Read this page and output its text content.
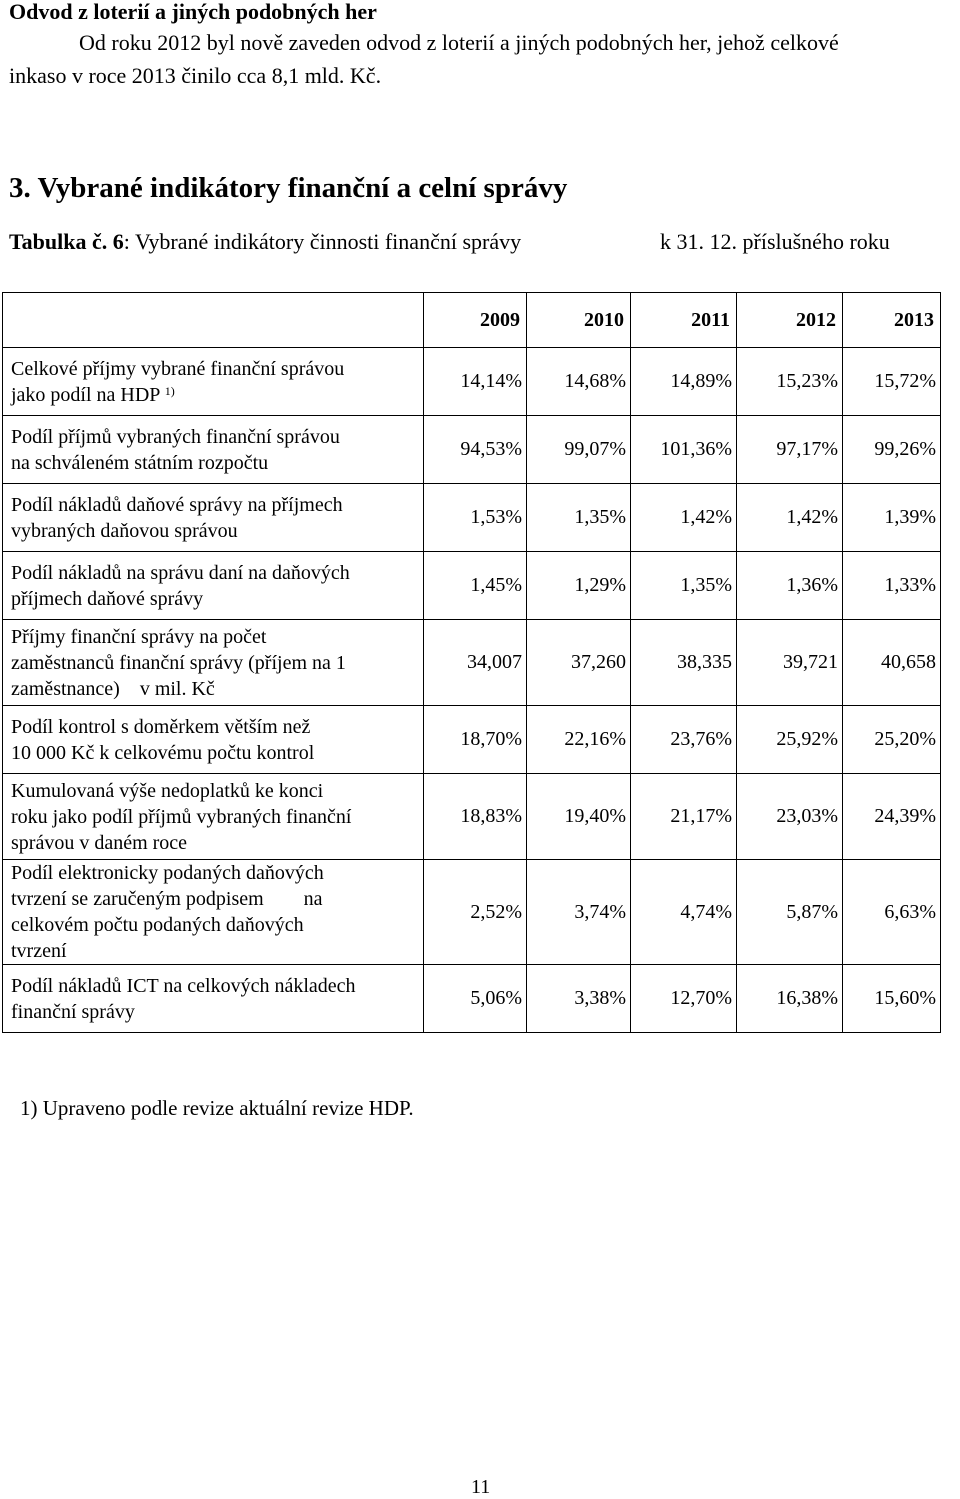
Odvod z loterií a jiných podobných her
Od roku 2012 byl nově zaveden odvod z loterií a jiných podobných her, jehož celkové
inkaso v roce 2013 činilo cca 8,1 mld. Kč.
3. Vybrané indikátory finanční a celní správy
Tabulka č. 6: Vybrané indikátory činnosti finanční správy	k 31. 12. příslušného roku
	2009	2010	2011	2012	2013
Celkové příjmy vybrané finanční správou
jako podíl na HDP $^{1)}$	14,14%	14,68%	14,89%	15,23%	15,72%
Podíl příjmů vybraných finanční správou
na schváleném státním rozpočtu	94,53%	99,07%	101,36%	97,17%	99,26%
Podíl nákladů daňové správy na příjmech
vybraných daňovou správou	1,53%	1,35%	1,42%	1,42%	1,39%
Podíl nákladů na správu daní na daňových
příjmech daňové správy	1,45%	1,29%	1,35%	1,36%	1,33%
Příjmy finanční správy na počet
zaměstnanců finanční správy (příjem na 1
zaměstnance)    v mil. Kč	34,007	37,260	38,335	39,721	40,658
Podíl kontrol s doměrkem větším než
10 000 Kč k celkovému počtu kontrol	18,70%	22,16%	23,76%	25,92%	25,20%
Kumulovaná výše nedoplatků ke konci
roku jako podíl příjmů vybraných finanční
správou v daném roce	18,83%	19,40%	21,17%	23,03%	24,39%
Podíl elektronicky podaných daňových
tvrzení se zaručeným podpisem        na
celkovém počtu podaných daňových
tvrzení	2,52%	3,74%	4,74%	5,87%	6,63%
Podíl nákladů ICT na celkových nákladech
finanční správy	5,06%	3,38%	12,70%	16,38%	15,60%
1) Upraveno podle revize aktuální revize HDP.
11
